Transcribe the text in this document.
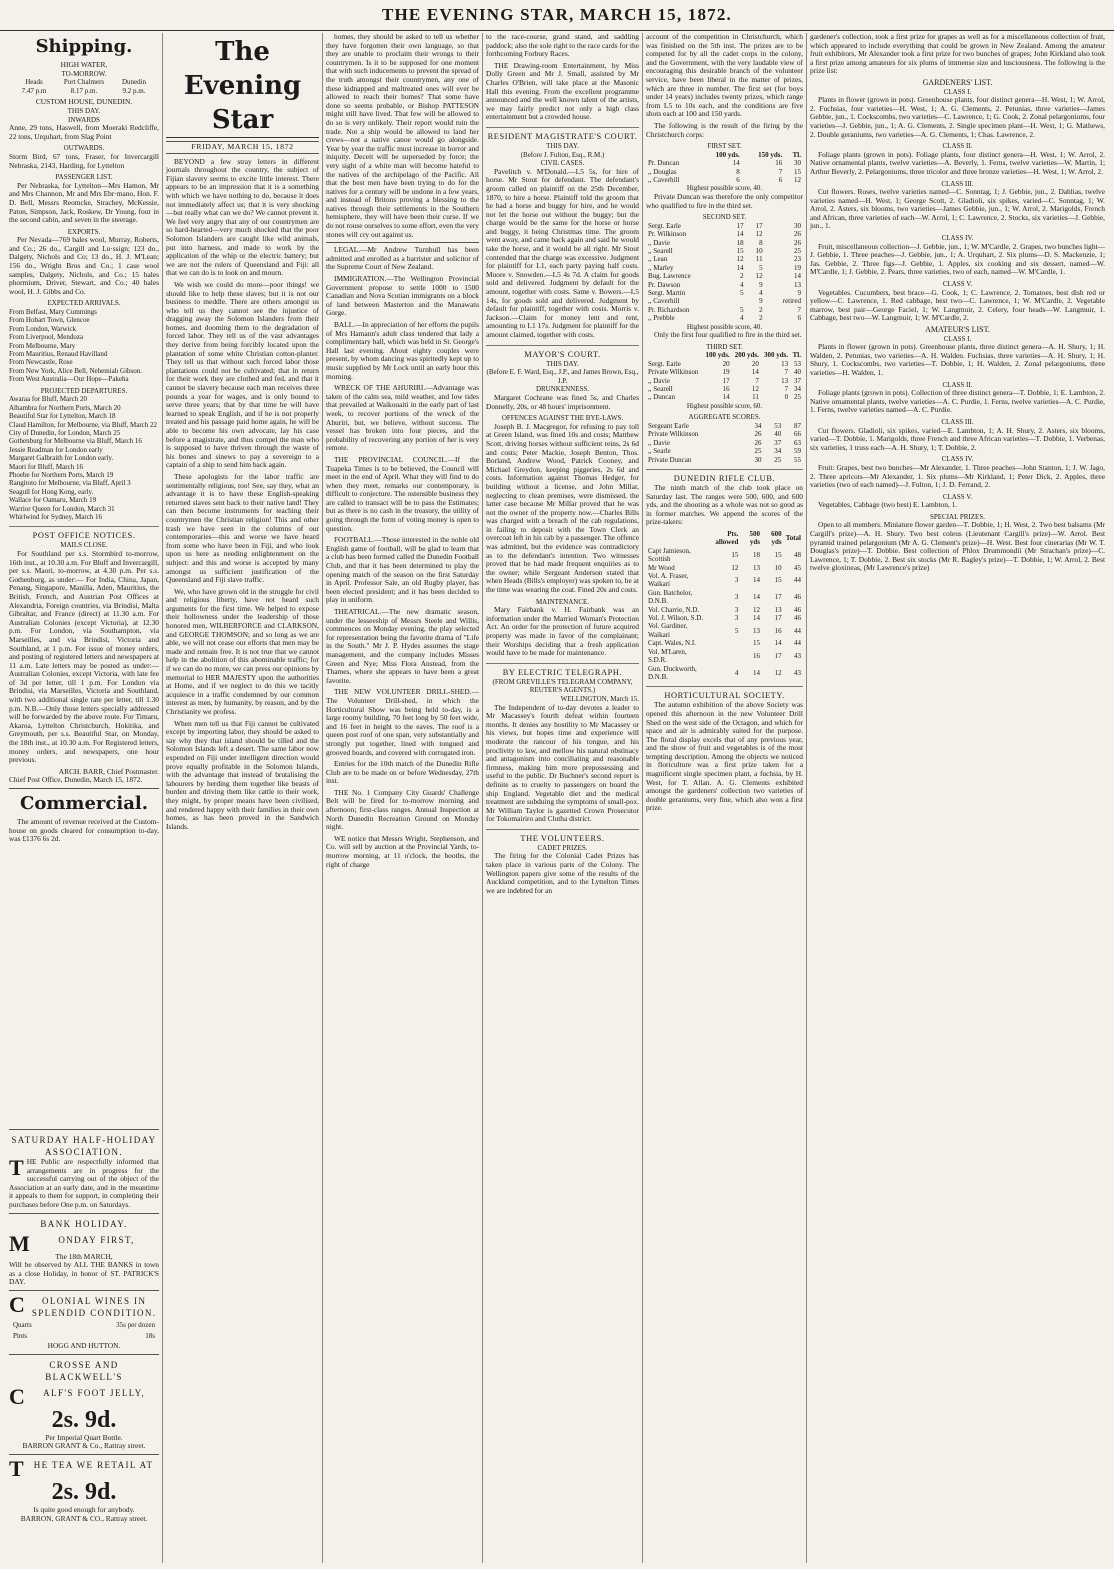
THE EVENING STAR, MARCH 15, 1872.
Shipping.
HIGH WATER,
TO-MORROW.
Heads
7.47 p.m
Port Chalmers
8.17 p.m.
Dunedin
9.2 p.m.
CUSTOM HOUSE, DUNEDIN.
THIS DAY.
INWARDS

Anne, 29 tons, Haswell, from Moeraki Redcliffe, 22 tons, Urquhart, from Slag Point

OUTWARDS.

Storm Bird, 67 tons, Fraser, for Invercargill Nebraska, 2143, Harding, for Lyttelton

PASSENGER LIST.

Per Nebraska, for Lyttelton—Mrs Hamon, Mr and Mrs Channon, Mr and Mrs Ebr·mano, Hon. F. D. Bell, Messrs Reomcke, Strachey, McKessie, Paton, Simpson, Jack, Roskew, Dr Young, four in the second cabin, and seven in the steerage.

EXPORTS.

Per Nevada—769 bales wool, Murray, Roberts, and Co.; 26 do., Cargill and Lu·ssign; 123 do., Dalgety, Nichols and Co; 13 do., H. J. M'Lean; 156 do., Wright Bros and Co.; 1 case wool samples, Dalgety, Nichols, and Co.; 15 bales phormium, Driver, Stewart, and Co.; 40 bales wool, H. J. Gibbs and Co.

EXPECTED ARRIVALS.
From Belfast, Mary Cummings
From Hobart Town, Glencoe
From London, Warwick
From Liverpool, Mendoza
From Melbourne, Mary
From Mauritius, Renaud Havilland
From Newcastle, Rose
From New York, Alice Bell, Nehemiah Gibson.
From West Australia—Our Hope—Pakeha
PROJECTED DEPARTURES.
Awaraa for Bluff, March 20
Alhambra for Northern Ports, March 20
Beautiful Star for Lyttelton, March 18
Claud Hamilton, for Melbourne, via Bluff, March 22
City of Dunedin, for London, March 25
Gothenburg for Melbourne via Bluff, March 16
Jessie Readman for London early
Margaret Galbraith for London early.
Maori for Bluff, March 16
Phoebe for Northern Ports, March 19
Rangitoto for Melbourne, via Bluff, April 3
Seagull for Hong Kong, early.
Wallace for Oamaru, March 19
Warrior Queen for London, March 31
Whirlwind for Sydney, March 16
POST OFFICE NOTICES.
MAILS CLOSE.

For Southland per s.s. Stormbird to-morrow, 16th inst., at 10.30 a.m. For Bluff and Invercargill, per s.s. Maori, to-morrow, at 4.30 p.m. Per s.s. Gothenburg, as under:— For India, China, Japan, Penang, Singapore, Manilla, Aden, Mauritius, the British, French, and Austrian Post Offices at Alexandria, Foreign countries, via Brindisi, Malta Gibraltar, and France (direct) at 11.30 a.m. For Australian Colonies (except Victoria), at 12.30 p.m. For London, via Southampton, via Marseilles, and via Brindisi, Victoria and Southland, at 1 p.m. For issue of money orders, and posting of registered letters and newspapers at 11 a.m. Late letters may be posted as under:— Australian Colonies, except Victoria, with late fee of 3d per letter, till 1 p.m. For London via Brindisi, via Marseilles, Victoria and Southland, with two additional single rate per letter, till 1.30 p.m. N.B.—Only those letters specially addressed will be forwarded by the above route. For Timaru, Akaroa, Lyttelton Christchurch, Hokitika, and Greymouth, per s.s. Beautiful Star, on Monday, the 18th inst., at 10.30 a.m. For Registered letters, money orders, and newspapers, one hour previous.

ARCH. BARR, Chief Postmaster.
Chief Post Office, Dunedin, March 15, 1872.
Commercial.

The amount of revenue received at the Custom-house on goods cleared for consumption to-day, was £1376 6s 2d.

SATURDAY HALF-HOLIDAY ASSOCIATION.

THE Public are respectfully informed that arrangements are in progress for the successful carrying out of the object of the Association at an early date, and in the meantime it appeals to them for support, in completing their purchases before One p.m. on Saturdays.

BANK HOLIDAY.
M	ONDAY FIRST,
The 18th MARCH,

Will be observed by ALL THE BANKS in town as a close Holiday, in honor of ST. PATRICK'S DAY.

C OLONIAL WINES IN SPLENDID CONDITION.
Quarts	35s per dozen
Pints	18s
HOGG AND HUTTON.
CROSSE AND BLACKWELL'S
C ALF'S FOOT JELLY,
2s. 9d.
Per Imperial Quart Bottle.
BARRON GRANT & Co., Rattray street.
THE TEA WE RETAIL AT
2s. 9d.
Is quite good enough for anybody.
BARRON, GRANT & CO., Rattray street.
The Evening Star
FRIDAY, MARCH 15, 1872

BEYOND a few stray letters in different journals throughout the country, the subject of Fijian slavery seems to excite little interest. There appears to be an impression that it is a something with which we have nothing to do, because it does not immediately affect us; that it is very shocking—but really what can we do? We cannot prevent it. We feel very angry that any of our countrymen are so hard-hearted—very much shocked that the poor Solomon Islanders are caught like wild animals, put into harness, and made to work by the application of the whip or the electric battery; but we are not the rulers of Queensland and Fiji: all that we can do is to look on and mourn.

We wish we could do more—poor things! we should like to help these slaves; but it is not our business to meddle. There are others amongst us who tell us they cannot see the injustice of dragging away the Solomon Islanders from their homes, and dooming them to the degradation of forced labor. They tell us of the vast advantages they derive from being forcibly located upon the plantation of some white Christian cotton-planter. They tell us that without such forced labor those plantations could not be cultivated; that in return for their work they are clothed and fed, and that it cannot be slavery because each man receives three pounds a year for wages, and is only bound to serve three years; that by that time he will have learned to speak English, and if he is not properly treated and his passage paid home again, he will be able to become his own advocate, lay his case before a magistrate, and thus compel the man who is supposed to have thriven through the waste of his bones and sinews to pay a sovereign to a captain of a ship to send him back again.

These apologists for the labor traffic are sentimentally religious, too! See, say they, what an advantage it is to have these English-speaking returned slaves sent back to their native land! They can then become instruments for teaching their countrymen the Christian religion! This and other trash we have seen in the columns of our contemporaries—this and worse we have heard from some who have been in Fiji, and who look upon us here as needing enlightenment on the subject: and this and worse is accepted by many amongst us sufficient justification of the Queensland and Fiji slave traffic.

We, who have grown old in the struggle for civil and religious liberty, have not heard such arguments for the first time. We helped to expose their hollowness under the leadership of those honored men, WILBERFORCE and CLARKSON, and GEORGE THOMSON; and so long as we are able, we will not cease our efforts that men may be made and remain free. It is not true that we cannot help in the abolition of this abominable traffic; for if we can do no more, we can press our opinions by memorial to HER MAJESTY upon the authorities at Home, and if we neglect to do this we tacitly acquiesce in a traffic condemned by our common interest as men, by humanity, by reason, and by the Christianity we profess.

When men tell us that Fiji cannot be cultivated except by importing labor, they should be asked to say why they that island should be tilled and the Solomon Islands left a desert. The same labor now expended on Fiji under intelligent direction would prove equally profitable in the Solomon Islands, with the advantage that instead of brutalising the labourers by herding them together like beasts of burden and driving them like cattle to their work, they might, by proper means have been civilised, and rendered happy with their families in their own homes, as has been proved in the Sandwich Islands.

homes, they should be asked to tell us whether they have forgotten their own language, so that they are unable to proclaim their wrongs to their countrymen. Is it to be supposed for one moment that with such inducements to prevent the spread of the truth amongst their countrymen, any one of these kidnapped and maltreated ones will ever be allowed to reach their homes? That some have done so seems probable, or Bishop PATTESON might still have lived. That few will be allowed to do so is very unlikely. Their report would ruin the trade. Not a ship would be allowed to land her crews—not a native canoe would go alongside. Year by year the traffic must increase in horror and iniquity. Deceit will be superseded by force; the very sight of a white man will become hateful to the natives of the archipelago of the Pacific. All that the best men have been trying to do for the natives for a century will be undone in a few years, and instead of Britons proving a blessing to the natives through their settlements in the Southern hemisphere, they will have been their curse. If we do not rouse ourselves to some effort, even the very stones will cry out against us.

LEGAL.—Mr Andrew Turnbull has been admitted and enrolled as a barrister and solicitor of the Supreme Court of New Zealand.

IMMIGRATION.—The Wellington Provincial Government propose to settle 1000 to 1500 Canadian and Nova Scotian immigrants on a block of land between Masterton and the Manawatu Gorge.

BALL.—In appreciation of her efforts the pupils of Mrs Hamann's adult class tendered that lady a complimentary ball, which was held in St. George's Hall last evening. About eighty couples were present, by whom dancing was spiritedly kept up to music supplied by Mr Lock until an early hour this morning.

WRECK OF THE AHURIRI.—Advantage was taken of the calm sea, mild weather, and low tides that prevailed at Waikouaiti in the early part of last week, to recover portions of the wreck of the Ahuriri, but, we believe, without success. The vessel has broken into four pieces, and the probability of recovering any portion of her is very remote.

THE PROVINCIAL COUNCIL.—If the Tuapeka Times is to be believed, the Council will meet in the end of April. What they will find to do when they meet, remarks our contemporary, is difficult to conjecture. The ostensible business they are called to transact will be to pass the Estimates; but as there is no cash in the treasury, the utility of going through the form of voting money is open to question.

FOOTBALL.—Those interested in the noble old English game of football, will be glad to learn that a club has been formed called the Dunedin Football Club, and that it has been determined to play the opening match of the season on the first Saturday in April. Professor Sale, an old Rugby player, has been elected president; and it has been decided to play in uniform.

THEATRICAL.—The new dramatic season, under the lesseeship of Messrs Steele and Willis, commences on Monday evening, the play selected for representation being the favorite drama of "Life in the South." Mr J. P. Hydes assumes the stage management, and the company includes Misses Green and Nye; Miss Flora Anstead, from the Thames, where she appears to have been a great favorite.

THE NEW VOLUNTEER DRILL-SHED.—The Volunteer Drill-shed, in which the Horticultural Show was being held to-day, is a large roomy building, 70 feet long by 50 feet wide, and 16 feet in height to the eaves. The roof is a queen post roof of one span, very substantially and strongly put together, lined with tongued and grooved boards, and covered with corrugated iron.

Entries for the 10th match of the Dunedin Rifle Club are to be made on or before Wednesday, 27th inst.

THE No. 1 Company City Guards' Challenge Belt will be fired for to-morrow morning and afternoon; first-class ranges. Annual Inspection at North Dunedin Recreation Ground on Monday night.

WE notice that Messrs Wright, Stephenson, and Co. will sell by auction at the Provincial Yards, to-morrow morning, at 11 o'clock, the booths, the right of charge

to the race-course, grand stand, and saddling paddock; also the sole right to the race cards for the forthcoming Forbury Races.

THE Drawing-room Entertainment, by Miss Dolly Green and Mr J. Small, assisted by Mr Charles O'Brien, will take place at the Masonic Hall this evening. From the excellent programme announced and the well known talent of the artists, we may fairly predict not only a high class entertainment but a crowded house.

RESIDENT MAGISTRATE'S COURT.
THIS DAY.
(Before J. Fulton, Esq., R.M.)
CIVIL CASES.

Pavelitch v. M'Donald.—L5 5s, for hire of horse. Mr Stout for defendant. The defendant's groom called on plaintiff on the 25th December, 1870, to hire a horse. Plaintiff told the groom that he had a horse and buggy for hire, and he would not let the horse out without the buggy; but the charge would be the same for the horse or horse and buggy, it being Christmas time. The groom went away, and came back again and said he would take the horse, and it would be all right. Mr Stout contended that the charge was excessive. Judgment for plaintiff for L1, each party paying half costs. Moore v. Snowden.—L5 4s 7d. A claim for goods sold and delivered. Judgment by default for the amount, together with costs. Same v. Bowers.—L5 14s, for goods sold and delivered. Judgment by default for plaintiff, together with costs. Morris v. Jackson.—Claim for money lent and rent, amounting to L1 17s. Judgment for plaintiff for the amount claimed, together with costs.

MAYOR'S COURT.
THIS DAY.
(Before E. F. Ward, Esq., J.P., and James Brown, Esq., J.P.
DRUNKENNESS.

Margaret Cochrane was fined 5s, and Charles Donnelly, 20s, or 48 hours' imprisonment.

OFFENCES AGAINST THE BYE-LAWS.

Joseph B. J. Macgregor, for refusing to pay toll at Green Island, was fined 10s and costs; Matthew Scott, driving horses without sufficient reins, 2s 6d and costs; Peter Mackie, Joseph Benton, Thos. Borland, Andrew Wood, Patrick Cooney, and Michael Greydon, keeping piggeries, 2s 6d and costs. Information against Thomas Hedger, for building without a license, and John Millar, neglecting to clean premises, were dismissed, the latter case because Mr Millar proved that he was not the owner of the property now.—Charles Bills was charged with a breach of the cab regulations, in failing to deposit with the Town Clerk an overcoat left in his cab by a passenger. The offence was admitted, but the evidence was contradictory as to the defendant's intention. Two witnesses proved that he had made frequent enquiries as to the owner; while Sergeant Anderson stated that when Heads (Bills's employer) was spoken to, he at the time was wearing the coat. Fined 20s and costs.

MAINTENANCE.

Mary Fairbank v. H. Fairbank was an information under the Married Woman's Protection Act. An order for the protection of future acquired property was made in favor of the complainant; their Worships deciding that a fresh application would have to be made for maintenance.

BY ELECTRIC TELEGRAPH.
(FROM GREVILLE'S TELEGRAM COMPANY, REUTER'S AGENTS.)
WELLINGTON, March 15.

The Independent of to-day devotes a leader to Mr Macassey's fourth defeat within fourteen months. It denies any hostility to Mr Macassey or his views, but hopes time and experience will moderate the rancour of his tongue, and his proclivity to law, and mellow his natural obstinacy and antagonism into conciliating and reasonable firmness, making him more prepossessing and useful to the public. Dr Buchner's second report is definite as to cruelty to passengers on board the ship England. Vegetable diet and the medical treatment are subduing the symptoms of small-pox. Mr William Taylor is gazetted Crown Prosecutor for Tokomairiro and Clutha district.

THE VOLUNTEERS.
CADET PRIZES.

The firing for the Colonial Cadet Prizes has taken place in various parts of the Colony. The Wellington papers give some of the results of the Auckland competition, and to the Lyttelton Times we are indebted for an

account of the competition in Christchurch, which was finished on the 5th inst. The prizes are to be competed for by all the cadet corps in the colony, and the Government, with the very laudable view of encouraging this desirable branch of the volunteer service, have been liberal in the matter of prizes, which are three in number. The first set (for boys under 14 years) includes twenty prizes, which range from L5 to 10s each, and the conditions are five shots each at 100 and 150 yards.

The following is the result of the firing by the Christchurch corps:

FIRST SET.
	100 yds.	150 yds.	Tl.
Pr. Duncan	14	16	30
,, Douglas	8	7	15
,, Caverhill	6	6	12
Highest possible score, 40.

Private Duncan was therefore the only competitor who qualified to fire in the third set.

SECOND SET.
Sergt. Earle	17	17	30
Pr. Wilkinson	14	12	26
,, Davie	18	8	26
,, Searell	15	10	25
,, Lean	12	11	23
,, Marley	14	5	19
Bug. Lawrence	2	12	14
Pr. Dawson	4	9	13
Sergt. Martin	5	4	9
,, Caverhill		9	retired
Pr. Richardson	5	2	7
,, Prebble	4	2	6
Highest possible score, 40.

Only the first four qualified to fire in the third set.

THIRD SET.
	100 yds.	200 yds.	300 yds.	Tl.
Sergt. Earle	20	20	13	53
Private Wilkinson	19	14	7	40
,, Davie	17	7	13	37
,, Searell	16	12	7	34
,, Duncan	14	11	0	25
Highest possible score, 60.
AGGREGATE SCORES.
Sergeant Earle	34	53	87
Private Wilkinson	26	40	66
,, Davie	26	37	63
,, Searle	25	34	59
Private Duncan	30	25	55
DUNEDIN RIFLE CLUB.

The ninth match of the club took place on Saturday last. The ranges were 500, 600, and 600 yds, and the shooting as a whole was not so good as in former matches. We append the scores of the prize-takers:

	Pts. allowed	500 yds	600 yds	Total
Capt Jamieson, Scottish	15	18	15	48
Mr Wood	12	13	10	45
Vol. A. Fraser, Waikari	3	14	15	44
Gun. Batchelor, D.N.B.	3	14	17	46
Vol. Charrie, N.D.	3	12	13	46
Vol. J. Wilson, S.D.	3	14	17	46
Vol. Gardiner, Waikari	5	13	16	44
Capt. Wales, N.I.		15	14	44
Vol. M'Laren, S.D.R.		16	17	43
Gun. Duckworth, D.N.B.	4	14	12	43
HORTICULTURAL SOCIETY.

The autumn exhibition of the above Society was opened this afternoon in the new Volunteer Drill Shed on the west side of the Octagon, and which for space and air is admirably suited for the purpose. The floral display excels that of any previous year, and the show of fruit and vegetables is of the most tempting description. Among the objects we noticed in floriculture was a first prize taken for a magnificent single specimen plant, a fuchsia, by H. West, for T. Allan. A. G. Clements exhibited amongst the gardeners' collection two varieties of double geraniums, very fine, which also won a first prize.

gardener's collection, took a first prize for grapes as well as for a miscellaneous collection of fruit, which appeared to include everything that could be grown in New Zealand. Among the amateur fruit exhibitors, Mr Alexander took a first prize for two bunches of grapes; John Kirkland also took a first prize among amateurs for six plums of immense size and lusciousness. The following is the prize list:

GARDENERS' LIST.
CLASS I.

Plants in flower (grown in pots). Greenhouse plants, four distinct genera—H. West, 1; W. Arrol, 2. Fuchsias, four varieties—H. West, 1; A. G. Clements, 2. Petunias, three varieties—James Gebbie, jun., 1. Cockscombs, two varieties—C. Lawrence, 1; G. Cook, 2. Zonal pelargoniums, four varieties—J. Gebbie, jun., 1; A. G. Clements, 2. Single specimen plant—H. West, 1; G. Mathews, 2. Double geraniums, two varieties—A. G. Clements, 1; Chas. Lawrence, 2.

CLASS II.

Foliage plants (grown in pots). Foliage plants, four distinct genera—H. West, 1; W. Arrol, 2. Native ornamental plants, twelve varieties—A. Beverly, 1. Ferns, twelve varieties—W. Martin, 1; Arthur Beverly, 2. Pelargoniums, three tricolor and three bronze varieties—H. West, 1; W. Arrol, 2.

CLASS III.

Cut flowers. Roses, twelve varieties named—C. Sonntag, 1; J. Gebbie, jun., 2. Dahlias, twelve varieties named—H. West, 1; George Scott, 2. Gladioli, six spikes, varied—C. Sonntag, 1; W. Arrol, 2. Asters, six blooms, two varieties—James Gebbie, jun., 1; W. Arrol, 2. Marigolds, French and African, three varieties of each—W. Arrol, 1; C. Lawrence, 2. Stocks, six varieties—J. Gebbie, jun., 1.

CLASS IV.

Fruit, miscellaneous collection—J. Gebbie, jun., 1; W. M'Cardle, 2. Grapes, two bunches light—J. Gebbie, 1. Three peaches—J. Gebbie, jun., 1; A. Urquhart, 2. Six plums—D. S. Mackenzie, 1; Jas. Gebbie, 2. Three figs—J. Gebbie, 1. Apples, six cooking and six dessert, named—W. M'Cardle, 1; J. Gebbie, 2. Pears, three varieties, two of each, named—W. M'Cardle, 1.

CLASS V.

Vegetables. Cucumbers, best brace—G. Cook, 1; C. Lawrence, 2. Tomatoes, best dish red or yellow—C. Lawrence, 1. Red cabbage, best two—C. Lawrence, 1; W. M'Cardle, 2. Vegetable marrow, best pair—George Faciel, 1; W. Langmuir, 2. Celery, four heads—W. Langmuir, 1. Cabbage, best two—W. Langmuir, 1; W. M'Cardle, 2.

AMATEUR'S LIST.
CLASS I.

Plants in flower (grown in pots). Greenhouse plants, three distinct genera—A. H. Shury, 1; H. Walden, 2. Petunias, two varieties—A. H. Walden. Fuchsias, three varieties—A. H. Shury, 1; H. Shury, 1. Cockscombs, two varieties—T. Dobbie, 1; H. Walden, 2. Zonal pelargoniums, three varieties—H. Walden, 1.

CLASS II.

Foliage plants (grown in pots). Collection of three distinct genera—T. Dobbie, 1; E. Lambton, 2. Native ornamental plants, twelve varieties—A. C. Purdie, 1. Ferns, twelve varieties—A. C. Purdie, 1. Ferns, twelve varieties named—A. C. Purdie.

CLASS III.

Cut flowers. Gladioli, six spikes, varied—E. Lambton, 1; A. H. Shury, 2. Asters, six blooms, varied—T. Dobbie, 1. Marigolds, three French and three African varieties—T. Dobbie, 1. Verbenas, six varieties, 1 truss each—A. H. Shury, 1; T. Dobbie, 2.

CLASS IV.

Fruit: Grapes, best two bunches—Mr Alexander, 1. Three peaches—John Stanton, 1; J. W. Jago, 2. Three apricots—Mr Alexander, 1. Six plums—Mr Kirkland, 1; Peter Dick, 2. Apples, three varieties (two of each named)—J. Fulton, 1; J. D. Ferrand, 2.

CLASS V.

Vegetables, Cabbage (two best) E. Lambton, 1.

SPECIAL PRIZES.

Open to all members. Miniature flower garden—T. Dobbie, 1; H. West, 2. Two best balsams (Mr Cargill's prize)—A. H. Shury. Two best coleus (Lieutenant Cargill's prize)—W. Arrol. Best pyramid trained pelargonium (Mr A. G. Clement's prize)—H. West. Best four cinerarias (Mr W. T. Douglas's prize)—T. Dobbie. Best collection of Phlox Drummondii (Mr Strachan's prize)—C. Lawrence, 1; T. Dobbie, 2. Best six stocks (Mr R. Bagley's prize)—T. Dobbie, 1; W. Arrol, 2. Best twelve gloxineas, (Mr Lawrence's prize)
